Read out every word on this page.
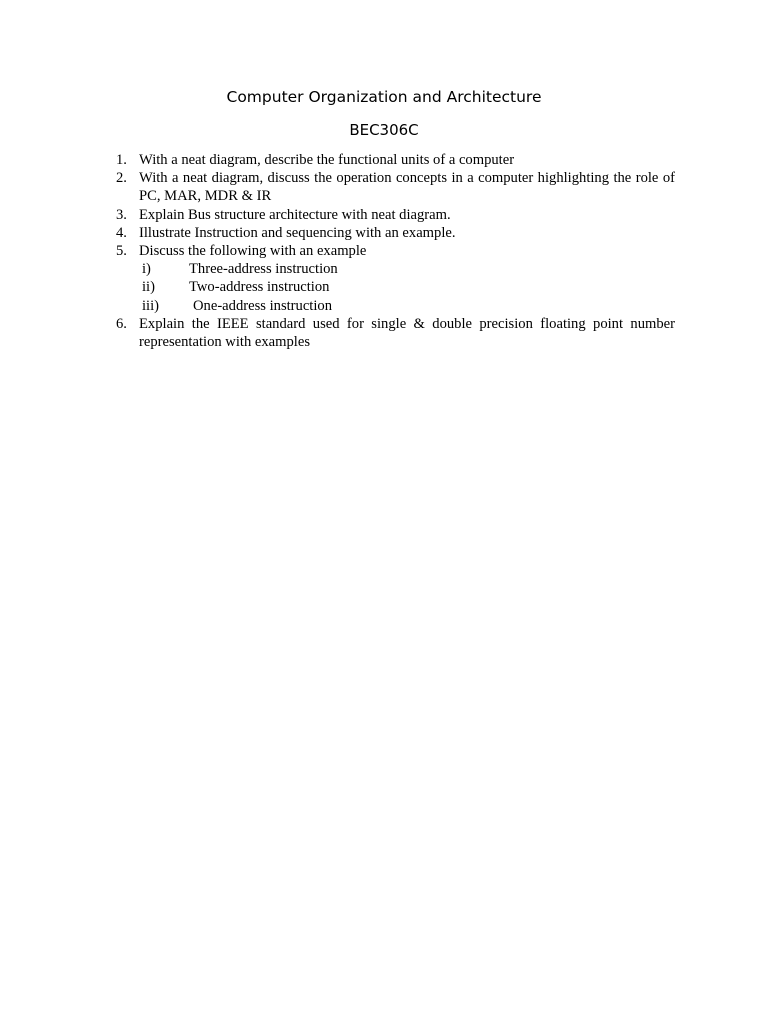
Computer Organization and Architecture
BEC306C
1. With a neat diagram, describe the functional units of a computer
2. With a neat diagram, discuss the operation concepts in a computer highlighting the role of PC, MAR, MDR & IR
3. Explain Bus structure architecture with neat diagram.
4. Illustrate Instruction and sequencing with an example.
5. Discuss the following with an example
i)	Three-address instruction
ii) Two-address instruction
iii) One-address instruction
6. Explain the IEEE standard used for single & double precision floating point number representation with examples
